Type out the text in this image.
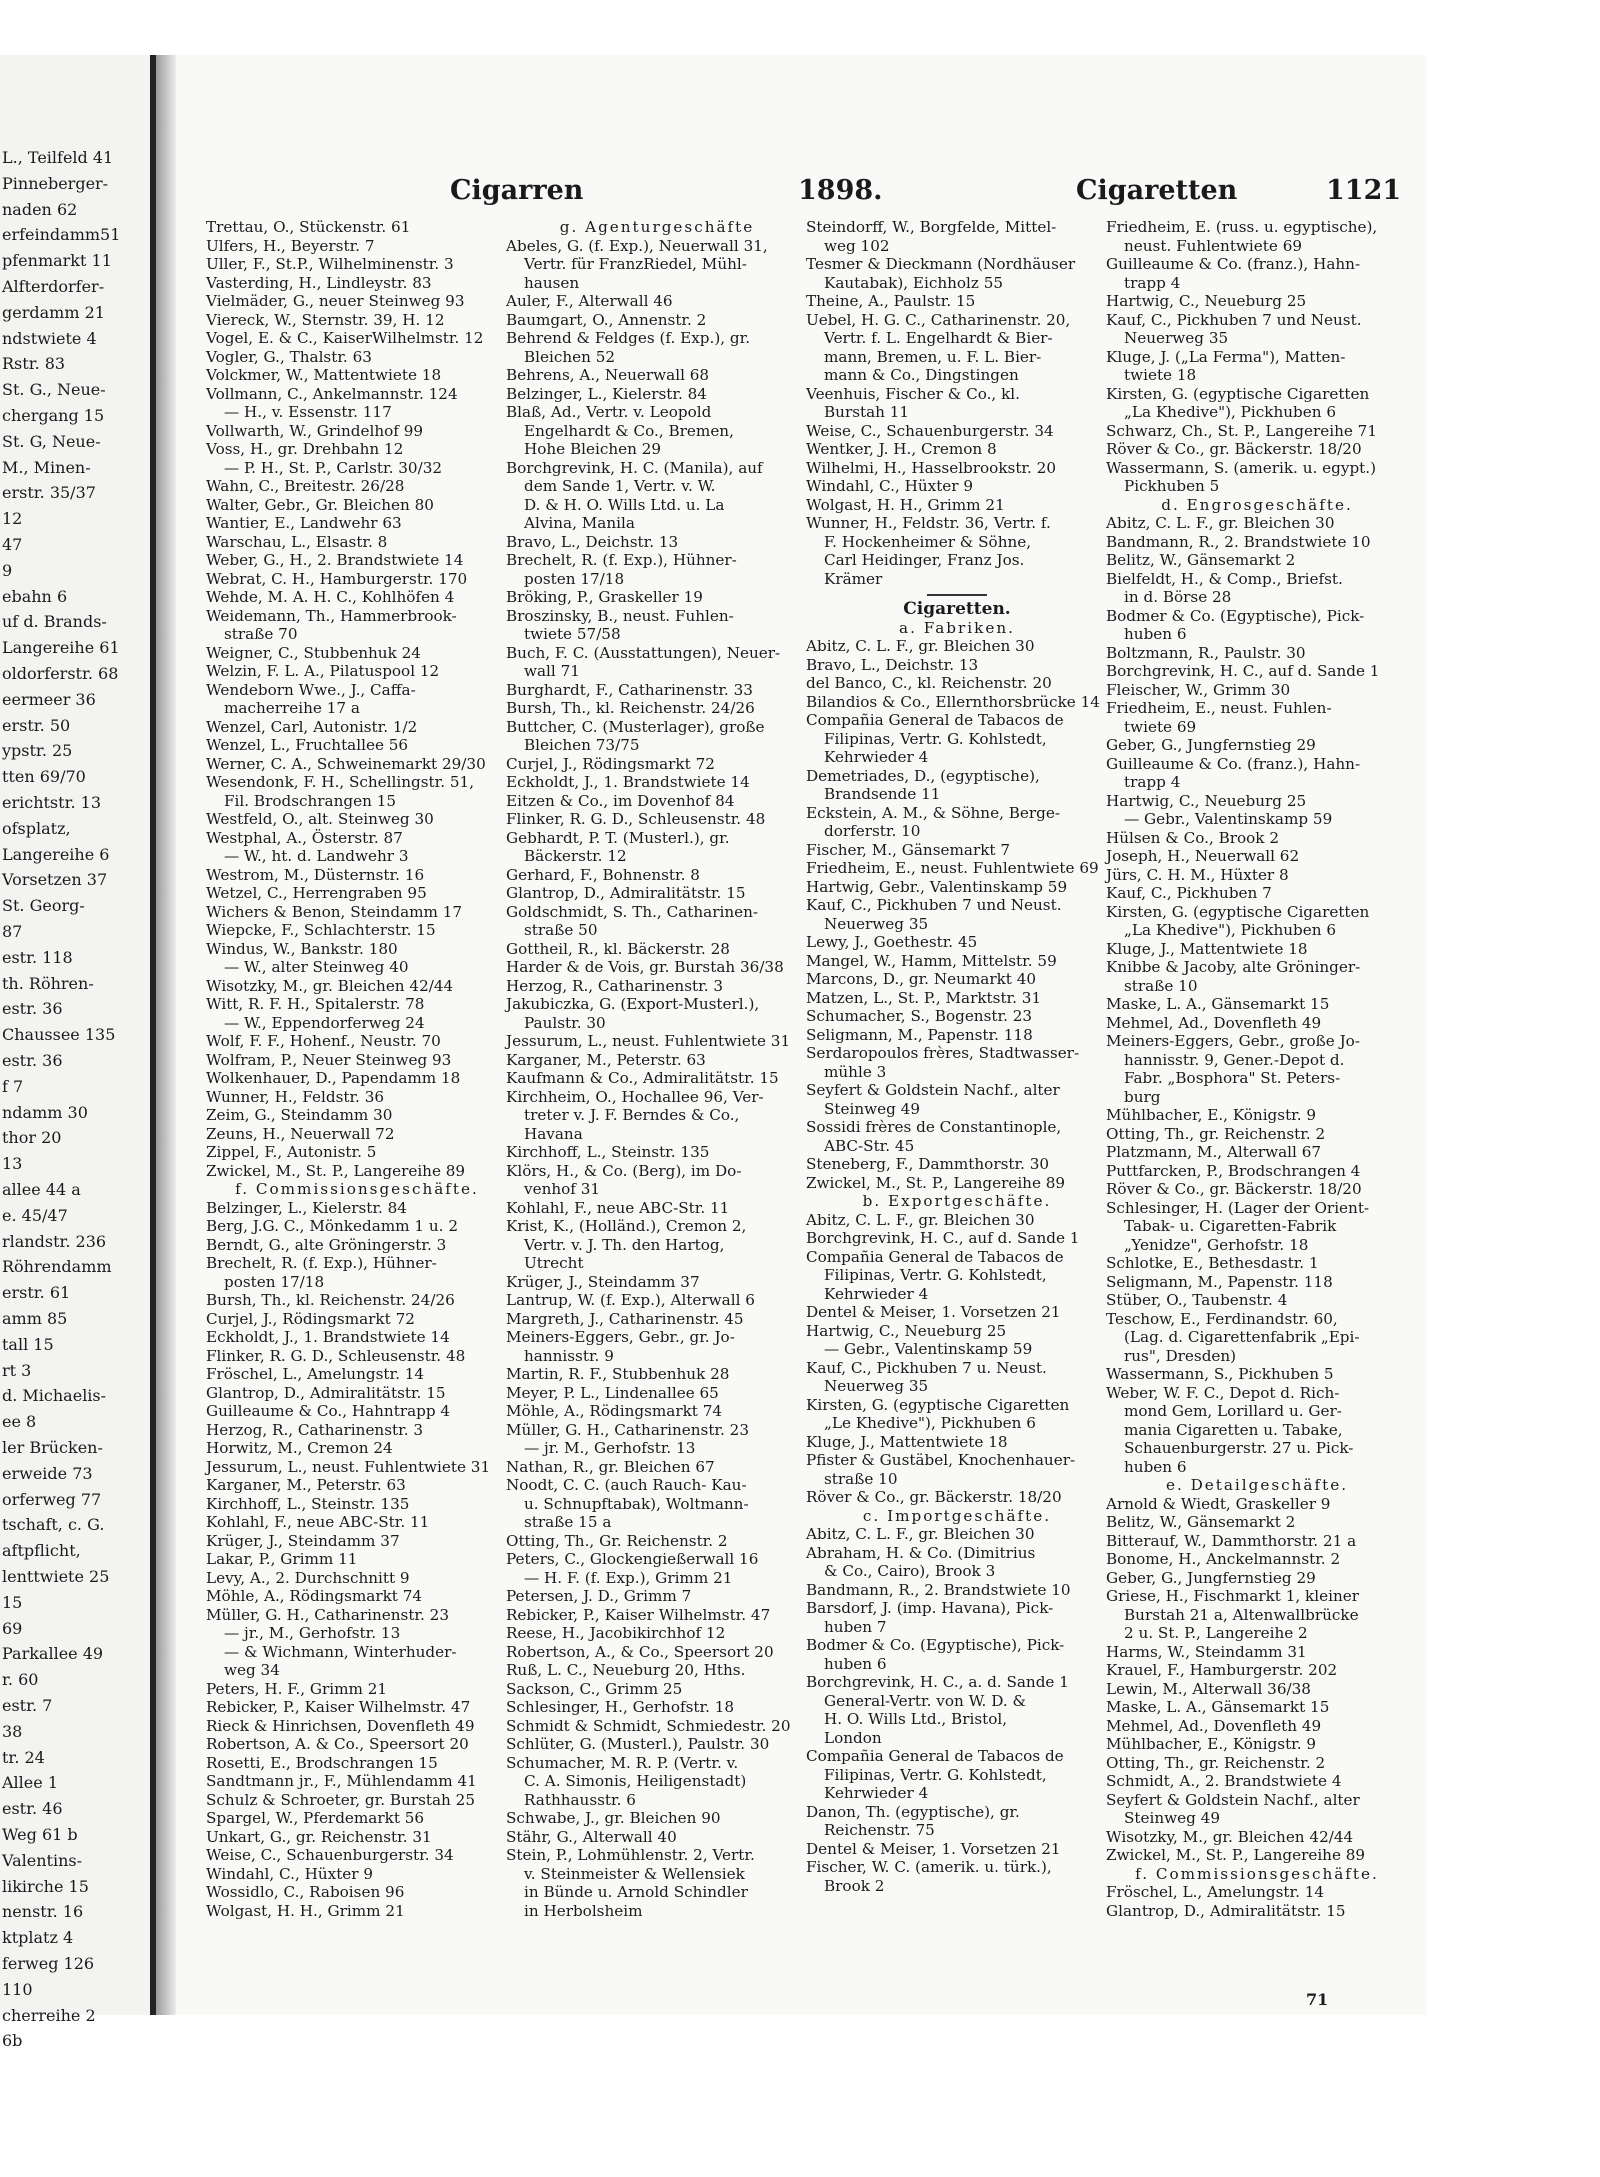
L., Teilfeld 41
Pinneberger-
naden 62
erfeindamm51
pfenmarkt 11
Alfterdorfer-
gerdamm 21
ndstwiete 4
Rstr. 83
St. G., Neue-
chergang 15
St. G, Neue-
M., Minen-
erstr. 35/37
12
47
9
ebahn 6
uf d. Brands-
Langereihe 61
oldorferstr. 68
eermeer 36
erstr. 50
ypstr. 25
tten 69/70
erichtstr. 13
ofsplatz,
Langereihe 6
Vorsetzen 37
St. Georg-
87
estr. 118
th. Röhren-
estr. 36
Chaussee 135
estr. 36
f 7
ndamm 30
thor 20
13
allee 44 a
e. 45/47
rlandstr. 236
Röhrendamm
erstr. 61
amm 85
tall 15
rt 3
d. Michaelis-
ee 8
ler Brücken-
erweide 73
orferweg 77
tschaft, c. G.
aftpflicht,
lenttwiete 25
15
69
Parkallee 49
r. 60
estr. 7
38
tr. 24
Allee 1
estr. 46
Weg 61 b
Valentins-
likirche 15
nenstr. 16
ktplatz 4
ferweg 126
110
cherreihe 2
6b
Cigarren	1898.	Cigaretten	1121
Trettau, O., Stückenstr. 61
Ulfers, H., Beyerstr. 7
Uller, F., St.P., Wilhelminenstr. 3
Vasterding, H., Lindleystr. 83
Vielmäder, G., neuer Steinweg 93
Viereck, W., Sternstr. 39, H. 12
Vogel, E. & C., KaiserWilhelmstr. 12
Vogler, G., Thalstr. 63
Volckmer, W., Mattentwiete 18
Vollmann, C., Ankelmannstr. 124
— H., v. Essenstr. 117
Vollwarth, W., Grindelhof 99
Voss, H., gr. Drehbahn 12
— P. H., St. P., Carlstr. 30/32
Wahn, C., Breitestr. 26/28
Walter, Gebr., Gr. Bleichen 80
Wantier, E., Landwehr 63
Warschau, L., Elsastr. 8
Weber, G., H., 2. Brandstwiete 14
Webrat, C. H., Hamburgerstr. 170
Wehde, M. A. H. C., Kohlhöfen 4
Weidemann, Th., Hammerbrook-
straße 70
Weigner, C., Stubbenhuk 24
Welzin, F. L. A., Pilatuspool 12
Wendeborn Wwe., J., Caffa-
macherreihe 17 a
Wenzel, Carl, Autonistr. 1/2
Wenzel, L., Fruchtallee 56
Werner, C. A., Schweinemarkt 29/30
Wesendonk, F. H., Schellingstr. 51,
Fil. Brodschrangen 15
Westfeld, O., alt. Steinweg 30
Westphal, A., Österstr. 87
— W., ht. d. Landwehr 3
Westrom, M., Düsternstr. 16
Wetzel, C., Herrengraben 95
Wichers & Benon, Steindamm 17
Wiepcke, F., Schlachterstr. 15
Windus, W., Bankstr. 180
— W., alter Steinweg 40
Wisotzky, M., gr. Bleichen 42/44
Witt, R. F. H., Spitalerstr. 78
— W., Eppendorferweg 24
Wolf, F. F., Hohenf., Neustr. 70
Wolfram, P., Neuer Steinweg 93
Wolkenhauer, D., Papendamm 18
Wunner, H., Feldstr. 36
Zeim, G., Steindamm 30
Zeuns, H., Neuerwall 72
Zippel, F., Autonistr. 5
Zwickel, M., St. P., Langereihe 89
f. Commissionsgeschäfte.
Belzinger, L., Kielerstr. 84
Berg, J.G. C., Mönkedamm 1 u. 2
Berndt, G., alte Gröningerstr. 3
Brechelt, R. (f. Exp.), Hühner-
posten 17/18
Bursh, Th., kl. Reichenstr. 24/26
Curjel, J., Rödingsmarkt 72
Eckholdt, J., 1. Brandstwiete 14
Flinker, R. G. D., Schleusenstr. 48
Fröschel, L., Amelungstr. 14
Glantrop, D., Admiralitätstr. 15
Guilleaume & Co., Hahntrapp 4
Herzog, R., Catharinenstr. 3
Horwitz, M., Cremon 24
Jessurum, L., neust. Fuhlentwiete 31
Karganer, M., Peterstr. 63
Kirchhoff, L., Steinstr. 135
Kohlahl, F., neue ABC-Str. 11
Krüger, J., Steindamm 37
Lakar, P., Grimm 11
Levy, A., 2. Durchschnitt 9
Möhle, A., Rödingsmarkt 74
Müller, G. H., Catharinenstr. 23
— jr., M., Gerhofstr. 13
— & Wichmann, Winterhuder-
weg 34
Peters, H. F., Grimm 21
Rebicker, P., Kaiser Wilhelmstr. 47
Rieck & Hinrichsen, Dovenfleth 49
Robertson, A. & Co., Speersort 20
Rosetti, E., Brodschrangen 15
Sandtmann jr., F., Mühlendamm 41
Schulz & Schroeter, gr. Burstah 25
Spargel, W., Pferdemarkt 56
Unkart, G., gr. Reichenstr. 31
Weise, C., Schauenburgerstr. 34
Windahl, C., Hüxter 9
Wossidlo, C., Raboisen 96
Wolgast, H. H., Grimm 21
g. Agenturgeschäfte
Abeles, G. (f. Exp.), Neuerwall 31,
Vertr. für FranzRiedel, Mühl-
hausen
Auler, F., Alterwall 46
Baumgart, O., Annenstr. 2
Behrend & Feldges (f. Exp.), gr.
Bleichen 52
Behrens, A., Neuerwall 68
Belzinger, L., Kielerstr. 84
Blaß, Ad., Vertr. v. Leopold
Engelhardt & Co., Bremen,
Hohe Bleichen 29
Borchgrevink, H. C. (Manila), auf
dem Sande 1, Vertr. v. W.
D. & H. O. Wills Ltd. u. La
Alvina, Manila
Bravo, L., Deichstr. 13
Brechelt, R. (f. Exp.), Hühner-
posten 17/18
Bröking, P., Graskeller 19
Broszinsky, B., neust. Fuhlen-
twiete 57/58
Buch, F. C. (Ausstattungen), Neuer-
wall 71
Burghardt, F., Catharinenstr. 33
Bursh, Th., kl. Reichenstr. 24/26
Buttcher, C. (Musterlager), große
Bleichen 73/75
Curjel, J., Rödingsmarkt 72
Eckholdt, J., 1. Brandstwiete 14
Eitzen & Co., im Dovenhof 84
Flinker, R. G. D., Schleusenstr. 48
Gebhardt, P. T. (Musterl.), gr.
Bäckerstr. 12
Gerhard, F., Bohnenstr. 8
Glantrop, D., Admiralitätstr. 15
Goldschmidt, S. Th., Catharinen-
straße 50
Gottheil, R., kl. Bäckerstr. 28
Harder & de Vois, gr. Burstah 36/38
Herzog, R., Catharinenstr. 3
Jakubiczka, G. (Export-Musterl.),
Paulstr. 30
Jessurum, L., neust. Fuhlentwiete 31
Karganer, M., Peterstr. 63
Kaufmann & Co., Admiralitätstr. 15
Kirchheim, O., Hochallee 96, Ver-
treter v. J. F. Berndes & Co.,
Havana
Kirchhoff, L., Steinstr. 135
Klörs, H., & Co. (Berg), im Do-
venhof 31
Kohlahl, F., neue ABC-Str. 11
Krist, K., (Holländ.), Cremon 2,
Vertr. v. J. Th. den Hartog,
Utrecht
Krüger, J., Steindamm 37
Lantrup, W. (f. Exp.), Alterwall 6
Margreth, J., Catharinenstr. 45
Meiners-Eggers, Gebr., gr. Jo-
hannisstr. 9
Martin, R. F., Stubbenhuk 28
Meyer, P. L., Lindenallee 65
Möhle, A., Rödingsmarkt 74
Müller, G. H., Catharinenstr. 23
— jr. M., Gerhofstr. 13
Nathan, R., gr. Bleichen 67
Noodt, C. C. (auch Rauch- Kau-
u. Schnupftabak), Woltmann-
straße 15 a
Otting, Th., Gr. Reichenstr. 2
Peters, C., Glockengießerwall 16
— H. F. (f. Exp.), Grimm 21
Petersen, J. D., Grimm 7
Rebicker, P., Kaiser Wilhelmstr. 47
Reese, H., Jacobikirchhof 12
Robertson, A., & Co., Speersort 20
Ruß, L. C., Neueburg 20, Hths.
Sackson, C., Grimm 25
Schlesinger, H., Gerhofstr. 18
Schmidt & Schmidt, Schmiedestr. 20
Schlüter, G. (Musterl.), Paulstr. 30
Schumacher, M. R. P. (Vertr. v.
C. A. Simonis, Heiligenstadt)
Rathhausstr. 6
Schwabe, J., gr. Bleichen 90
Stähr, G., Alterwall 40
Stein, P., Lohmühlenstr. 2, Vertr.
v. Steinmeister & Wellensiek
in Bünde u. Arnold Schindler
in Herbolsheim
Steindorff, W., Borgfelde, Mittel-
weg 102
Tesmer & Dieckmann (Nordhäuser
Kautabak), Eichholz 55
Theine, A., Paulstr. 15
Uebel, H. G. C., Catharinenstr. 20,
Vertr. f. L. Engelhardt & Bier-
mann, Bremen, u. F. L. Bier-
mann & Co., Dingstingen
Veenhuis, Fischer & Co., kl.
Burstah 11
Weise, C., Schauenburgerstr. 34
Wentker, J. H., Cremon 8
Wilhelmi, H., Hasselbrookstr. 20
Windahl, C., Hüxter 9
Wolgast, H. H., Grimm 21
Wunner, H., Feldstr. 36, Vertr. f.
F. Hockenheimer & Söhne,
Carl Heidinger, Franz Jos.
Krämer
Cigaretten.
a. Fabriken.
Abitz, C. L. F., gr. Bleichen 30
Bravo, L., Deichstr. 13
del Banco, C., kl. Reichenstr. 20
Bilandios & Co., Ellernthorsbrücke 14
Compañia General de Tabacos de
Filipinas, Vertr. G. Kohlstedt,
Kehrwieder 4
Demetriades, D., (egyptische),
Brandsende 11
Eckstein, A. M., & Söhne, Berge-
dorferstr. 10
Fischer, M., Gänsemarkt 7
Friedheim, E., neust. Fuhlentwiete 69
Hartwig, Gebr., Valentinskamp 59
Kauf, C., Pickhuben 7 und Neust.
Neuerweg 35
Lewy, J., Goethestr. 45
Mangel, W., Hamm, Mittelstr. 59
Marcons, D., gr. Neumarkt 40
Matzen, L., St. P., Marktstr. 31
Schumacher, S., Bogenstr. 23
Seligmann, M., Papenstr. 118
Serdaropoulos frères, Stadtwasser-
mühle 3
Seyfert & Goldstein Nachf., alter
Steinweg 49
Sossidi frères de Constantinople,
ABC-Str. 45
Steneberg, F., Dammthorstr. 30
Zwickel, M., St. P., Langereihe 89
b. Exportgeschäfte.
Abitz, C. L. F., gr. Bleichen 30
Borchgrevink, H. C., auf d. Sande 1
Compañia General de Tabacos de
Filipinas, Vertr. G. Kohlstedt,
Kehrwieder 4
Dentel & Meiser, 1. Vorsetzen 21
Hartwig, C., Neueburg 25
— Gebr., Valentinskamp 59
Kauf, C., Pickhuben 7 u. Neust.
Neuerweg 35
Kirsten, G. (egyptische Cigaretten
„Le Khedive"), Pickhuben 6
Kluge, J., Mattentwiete 18
Pfister & Gustäbel, Knochenhauer-
straße 10
Röver & Co., gr. Bäckerstr. 18/20
c. Importgeschäfte.
Abitz, C. L. F., gr. Bleichen 30
Abraham, H. & Co. (Dimitrius
& Co., Cairo), Brook 3
Bandmann, R., 2. Brandstwiete 10
Barsdorf, J. (imp. Havana), Pick-
huben 7
Bodmer & Co. (Egyptische), Pick-
huben 6
Borchgrevink, H. C., a. d. Sande 1
General-Vertr. von W. D. &
H. O. Wills Ltd., Bristol,
London
Compañia General de Tabacos de
Filipinas, Vertr. G. Kohlstedt,
Kehrwieder 4
Danon, Th. (egyptische), gr.
Reichenstr. 75
Dentel & Meiser, 1. Vorsetzen 21
Fischer, W. C. (amerik. u. türk.),
Brook 2
Friedheim, E. (russ. u. egyptische),
neust. Fuhlentwiete 69
Guilleaume & Co. (franz.), Hahn-
trapp 4
Hartwig, C., Neueburg 25
Kauf, C., Pickhuben 7 und Neust.
Neuerweg 35
Kluge, J. („La Ferma"), Matten-
twiete 18
Kirsten, G. (egyptische Cigaretten
„La Khedive"), Pickhuben 6
Schwarz, Ch., St. P., Langereihe 71
Röver & Co., gr. Bäckerstr. 18/20
Wassermann, S. (amerik. u. egypt.)
Pickhuben 5
d. Engrosgeschäfte.
Abitz, C. L. F., gr. Bleichen 30
Bandmann, R., 2. Brandstwiete 10
Belitz, W., Gänsemarkt 2
Bielfeldt, H., & Comp., Briefst.
in d. Börse 28
Bodmer & Co. (Egyptische), Pick-
huben 6
Boltzmann, R., Paulstr. 30
Borchgrevink, H. C., auf d. Sande 1
Fleischer, W., Grimm 30
Friedheim, E., neust. Fuhlen-
twiete 69
Geber, G., Jungfernstieg 29
Guilleaume & Co. (franz.), Hahn-
trapp 4
Hartwig, C., Neueburg 25
— Gebr., Valentinskamp 59
Hülsen & Co., Brook 2
Joseph, H., Neuerwall 62
Jürs, C. H. M., Hüxter 8
Kauf, C., Pickhuben 7
Kirsten, G. (egyptische Cigaretten
„La Khedive"), Pickhuben 6
Kluge, J., Mattentwiete 18
Knibbe & Jacoby, alte Gröninger-
straße 10
Maske, L. A., Gänsemarkt 15
Mehmel, Ad., Dovenfleth 49
Meiners-Eggers, Gebr., große Jo-
hannisstr. 9, Gener.-Depot d.
Fabr. „Bosphora" St. Peters-
burg
Mühlbacher, E., Königstr. 9
Otting, Th., gr. Reichenstr. 2
Platzmann, M., Alterwall 67
Puttfarcken, P., Brodschrangen 4
Röver & Co., gr. Bäckerstr. 18/20
Schlesinger, H. (Lager der Orient-
Tabak- u. Cigaretten-Fabrik
„Yenidze", Gerhofstr. 18
Schlotke, E., Bethesdastr. 1
Seligmann, M., Papenstr. 118
Stüber, O., Taubenstr. 4
Teschow, E., Ferdinandstr. 60,
(Lag. d. Cigarettenfabrik „Epi-
rus", Dresden)
Wassermann, S., Pickhuben 5
Weber, W. F. C., Depot d. Rich-
mond Gem, Lorillard u. Ger-
mania Cigaretten u. Tabake,
Schauenburgerstr. 27 u. Pick-
huben 6
e. Detailgeschäfte.
Arnold & Wiedt, Graskeller 9
Belitz, W., Gänsemarkt 2
Bitterauf, W., Dammthorstr. 21 a
Bonome, H., Anckelmannstr. 2
Geber, G., Jungfernstieg 29
Griese, H., Fischmarkt 1, kleiner
Burstah 21 a, Altenwallbrücke
2 u. St. P., Langereihe 2
Harms, W., Steindamm 31
Krauel, F., Hamburgerstr. 202
Lewin, M., Alterwall 36/38
Maske, L. A., Gänsemarkt 15
Mehmel, Ad., Dovenfleth 49
Mühlbacher, E., Königstr. 9
Otting, Th., gr. Reichenstr. 2
Schmidt, A., 2. Brandstwiete 4
Seyfert & Goldstein Nachf., alter
Steinweg 49
Wisotzky, M., gr. Bleichen 42/44
Zwickel, M., St. P., Langereihe 89
f. Commissionsgeschäfte.
Fröschel, L., Amelungstr. 14
Glantrop, D., Admiralitätstr. 15
71
